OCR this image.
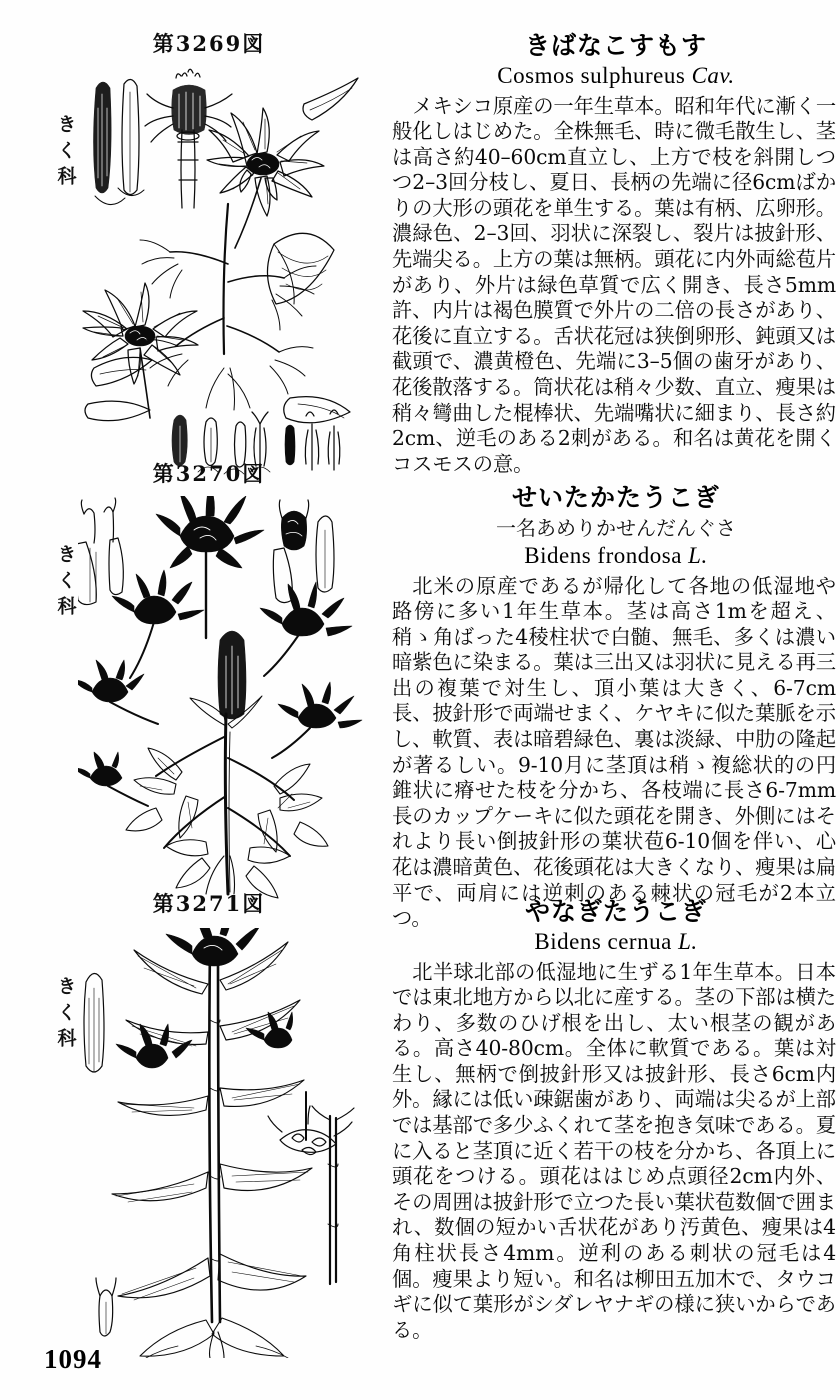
第3269図
きく科
第3270図
きく科
第3271図
きく科
きばなこすもす
Cosmos sulphureus Cav.
メキシコ原産の一年生草本。昭和年代に漸く一般化しはじめた。全株無毛、時に微毛散生し、茎は高さ約40–60cm直立し、上方で枝を斜開しつつ2–3回分枝し、夏日、長柄の先端に径6cmばかりの大形の頭花を単生する。葉は有柄、広卵形。濃緑色、2–3回、羽状に深裂し、裂片は披針形、先端尖る。上方の葉は無柄。頭花に内外両総苞片があり、外片は緑色草質で広く開き、長さ5mm許、内片は褐色膜質で外片の二倍の長さがあり、花後に直立する。舌状花冠は狭倒卵形、鈍頭又は截頭で、濃黄橙色、先端に3–5個の歯牙があり、花後散落する。筒状花は稍々少数、直立、瘦果は稍々彎曲した棍棒状、先端嘴状に細まり、長さ約2cm、逆毛のある2刺がある。和名は黄花を開くコスモスの意。
せいたかたうこぎ
一名あめりかせんだんぐさ
Bidens frondosa L.
北米の原産であるが帰化して各地の低湿地や路傍に多い1年生草本。茎は高さ1mを超え、稍ゝ角ばった4稜柱状で白髄、無毛、多くは濃い暗紫色に染まる。葉は三出又は羽状に見える再三出の複葉で対生し、頂小葉は大きく、6-7cm長、披針形で両端せまく、ケヤキに似た葉脈を示し、軟質、表は暗碧緑色、裏は淡緑、中肋の隆起が著るしい。9-10月に茎頂は稍ゝ複総状的の円錐状に瘠せた枝を分かち、各枝端に長さ6-7mm長のカップケーキに似た頭花を開き、外側にはそれより長い倒披針形の葉状苞6-10個を伴い、心花は濃暗黄色、花後頭花は大きくなり、瘦果は扁平で、両肩には逆刺のある棘状の冠毛が2本立つ。	やなぎたうこぎ
Bidens cernua L.
北半球北部の低湿地に生ずる1年生草本。日本では東北地方から以北に産する。茎の下部は横たわり、多数のひげ根を出し、太い根茎の観がある。高さ40-80cm。全体に軟質である。葉は対生し、無柄で倒披針形又は披針形、長さ6cm内外。縁には低い疎鋸歯があり、両端は尖るが上部では基部で多少ふくれて茎を抱き気味である。夏に入ると茎頂に近く若干の枝を分かち、各頂上に頭花をつける。頭花ははじめ点頭径2cm内外、その周囲は披針形で立つた長い葉状苞数個で囲まれ、数個の短かい舌状花があり汚黄色、瘦果は4角柱状長さ4mm。逆利のある刺状の冠毛は4個。瘦果より短い。和名は柳田五加木で、タウコギに似て葉形がシダレヤナギの様に狭いからである。
1094
